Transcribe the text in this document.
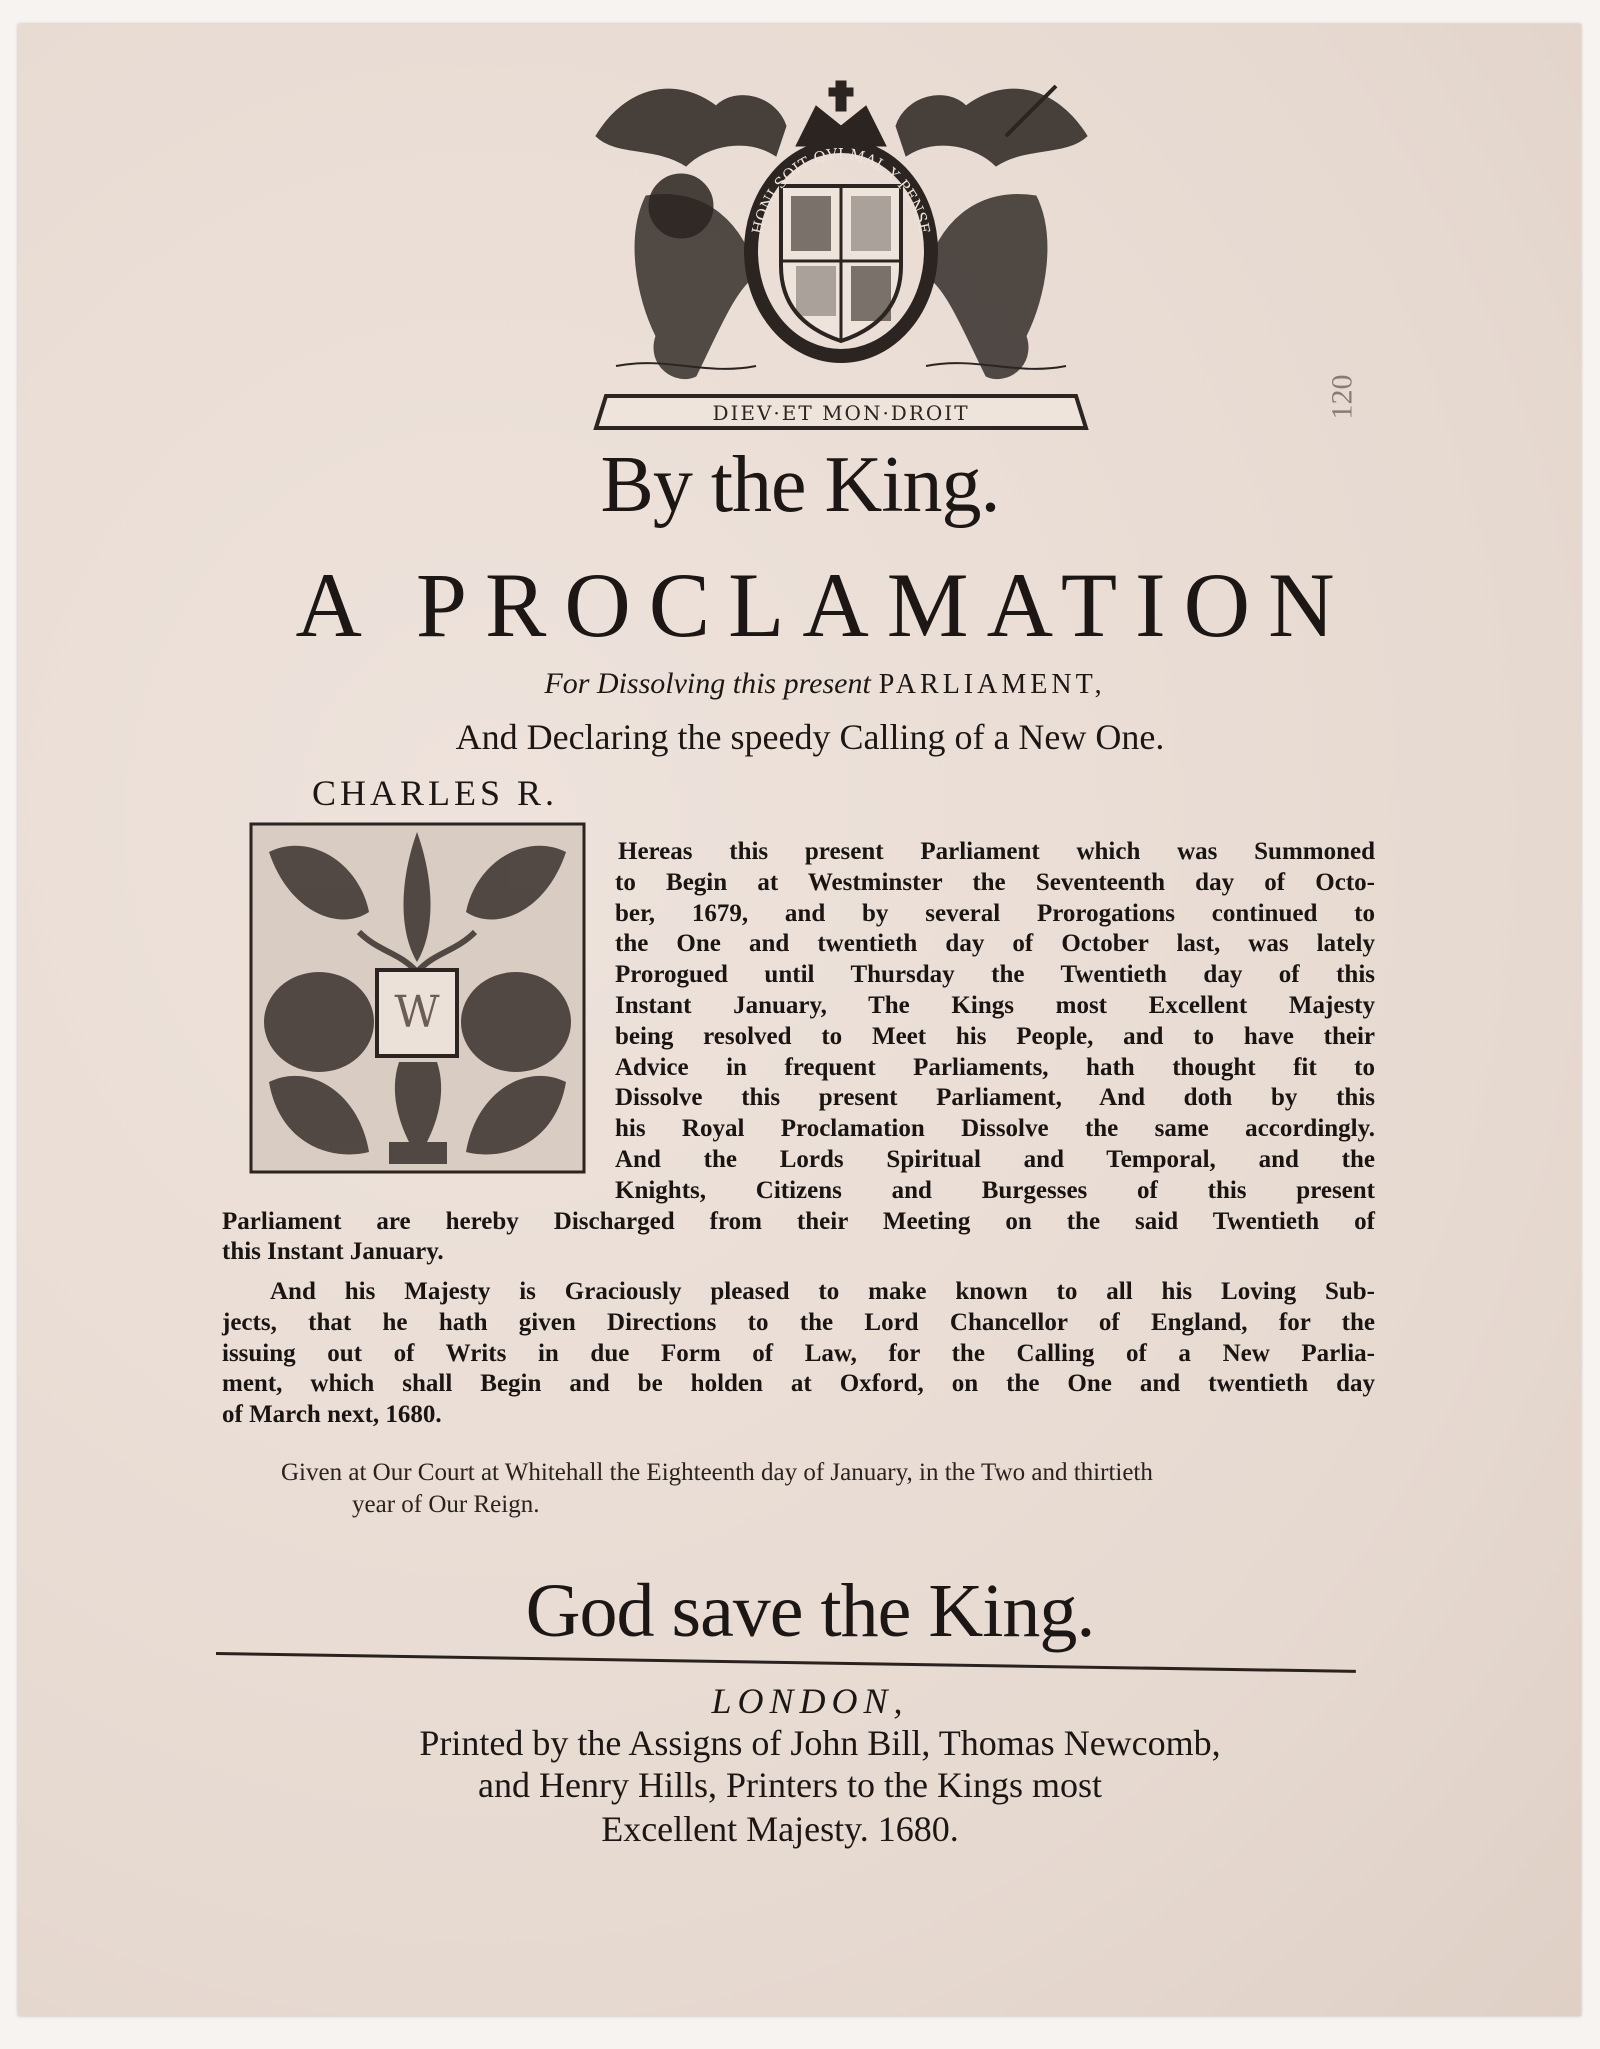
HONI SOIT QVI MAL Y PENSE
DIEV·ET MON·DROIT	120
By the King.
A PROCLAMATION
For Dissolving this present PARLIAMENT,
And Declaring the speedy Calling of a New One.
CHARLES R.
W
Hereas this present Parliament which was Summoned
to Begin at Westminster the Seventeenth day of Octo-
ber, 1679, and by several Prorogations continued to
the One and twentieth day of October last, was lately
Prorogued until Thursday the Twentieth day of this
Instant January, The Kings most Excellent Majesty
being resolved to Meet his People, and to have their
Advice in frequent Parliaments, hath thought fit to
Dissolve this present Parliament, And doth by this
his Royal Proclamation Dissolve the same accordingly.
And the Lords Spiritual and Temporal, and the
Knights, Citizens and Burgesses of this present
Parliament are hereby Discharged from their Meeting on the said Twentieth of
this Instant January.
And his Majesty is Graciously pleased to make known to all his Loving Sub-
jects, that he hath given Directions to the Lord Chancellor of England, for the
issuing out of Writs in due Form of Law, for the Calling of a New Parlia-
ment, which shall Begin and be holden at Oxford, on the One and twentieth day
of March next, 1680.
Given at Our Court at Whitehall the Eighteenth day of January, in the Two and thirtieth
year of Our Reign.
God save the King.
LONDON,
Printed by the Assigns of John Bill, Thomas Newcomb,
and Henry Hills, Printers to the Kings most
Excellent Majesty. 1680.
